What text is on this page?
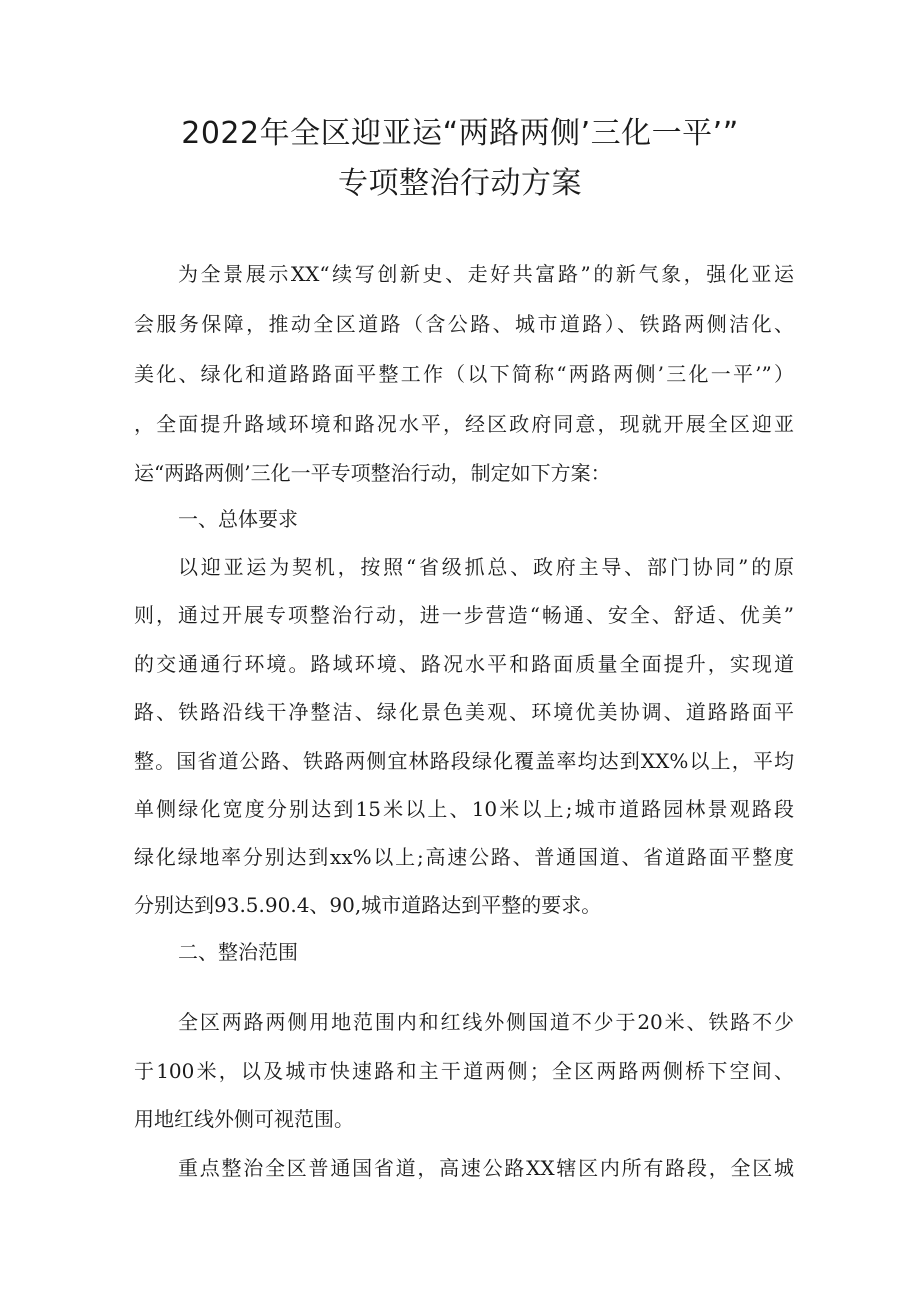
2022年全区迎亚运“两路两侧’三化一平’”
专项整治行动方案
为全景展示XX“续写创新史、走好共富路”的新气象，强化亚运
会服务保障，推动全区道路（含公路、城市道路）、铁路两侧洁化、
美化、绿化和道路路面平整工作（以下简称“两路两侧’三化一平’”）
，全面提升路域环境和路况水平，经区政府同意，现就开展全区迎亚
运“两路两侧’三化一平专项整治行动，制定如下方案：
一、总体要求
以迎亚运为契机，按照“省级抓总、政府主导、部门协同”的原
则，通过开展专项整治行动，进一步营造“畅通、安全、舒适、优美”
的交通通行环境。路域环境、路况水平和路面质量全面提升，实现道
路、铁路沿线干净整洁、绿化景色美观、环境优美协调、道路路面平
整。国省道公路、铁路两侧宜林路段绿化覆盖率均达到XX%以上，平均
单侧绿化宽度分别达到15米以上、10米以上;城市道路园林景观路段
绿化绿地率分别达到xx%以上;高速公路、普通国道、省道路面平整度
分别达到93.5.90.4、90,城市道路达到平整的要求。
二、整治范围
全区两路两侧用地范围内和红线外侧国道不少于20米、铁路不少
于100米，以及城市快速路和主干道两侧；全区两路两侧桥下空间、
用地红线外侧可视范围。
重点整治全区普通国省道，高速公路XX辖区内所有路段，全区城
